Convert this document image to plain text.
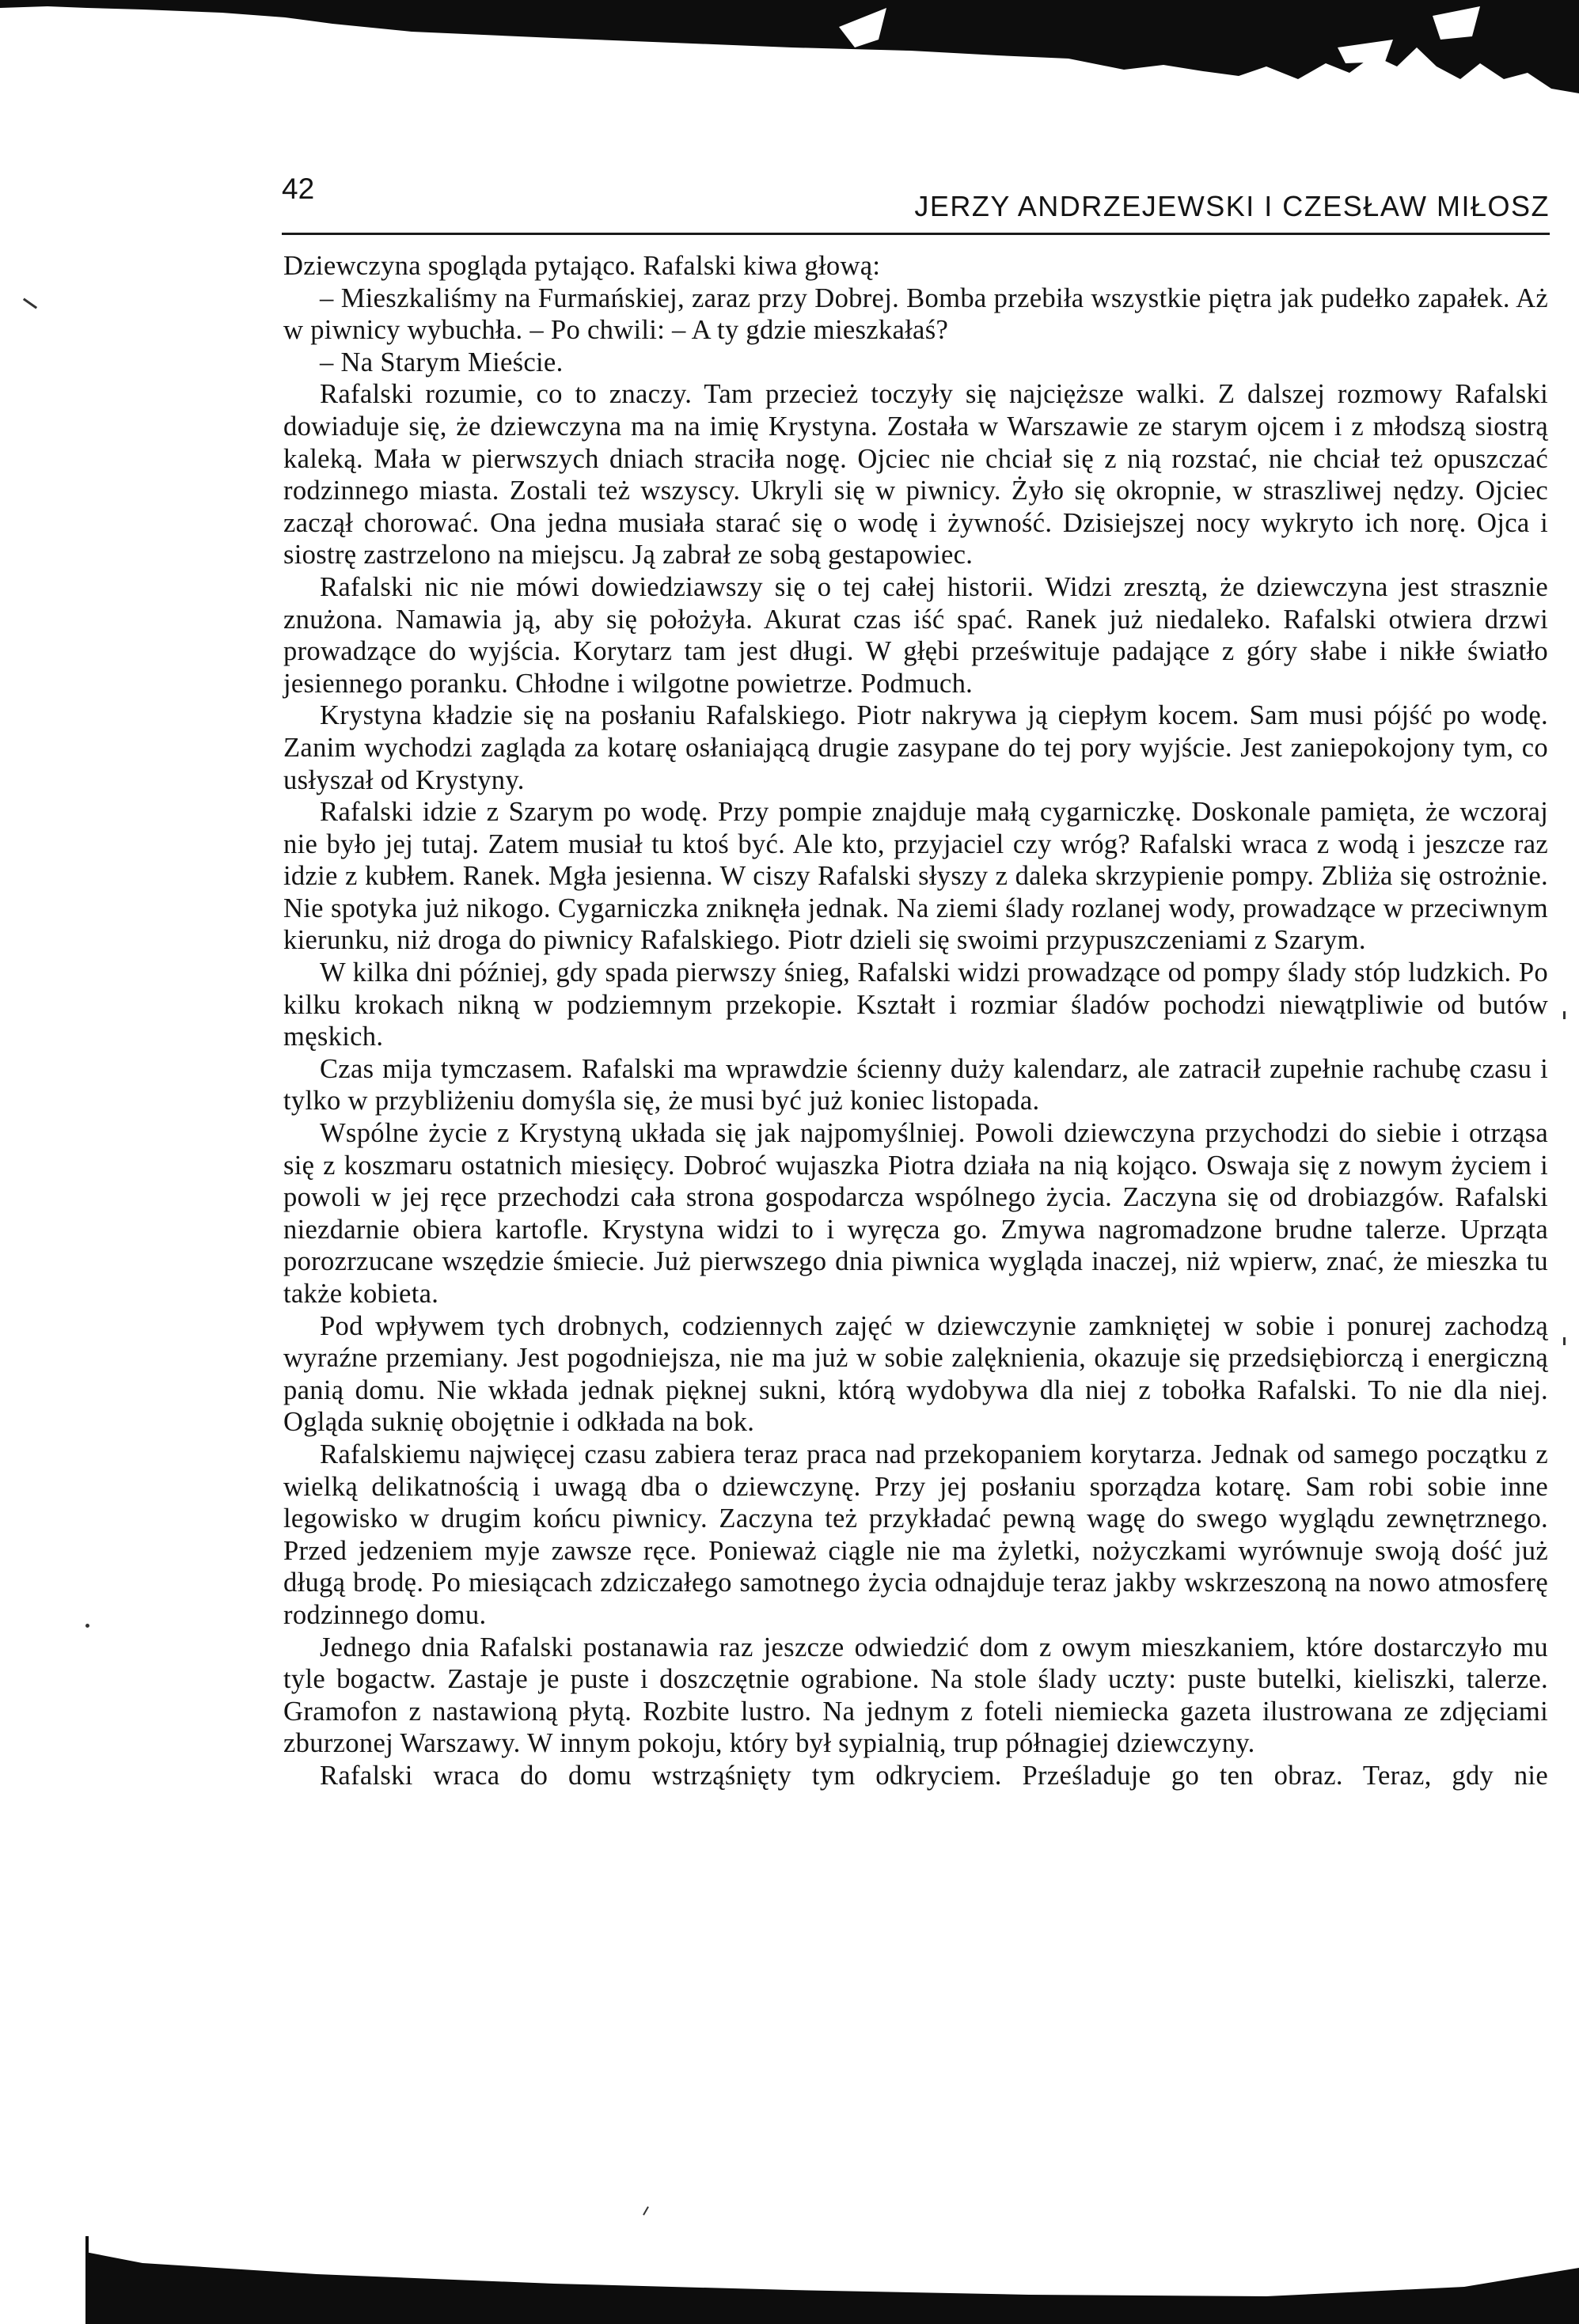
42
JERZY ANDRZEJEWSKI I CZESŁAW MIŁOSZ

Dziewczyna spogląda pytająco. Rafalski kiwa głową:

– Mieszkaliśmy na Furmańskiej, zaraz przy Dobrej. Bomba przebiła wszystkie piętra jak pudełko zapałek. Aż w piwnicy wybuchła. – Po chwili: – A ty gdzie mieszkałaś?

– Na Starym Mieście.

Rafalski rozumie, co to znaczy. Tam przecież toczyły się najcięższe walki. Z dalszej rozmowy Rafalski dowiaduje się, że dziewczyna ma na imię Krystyna. Została w Warszawie ze starym ojcem i z młodszą siostrą kaleką. Mała w pierwszych dniach straciła nogę. Ojciec nie chciał się z nią rozstać, nie chciał też opuszczać rodzinnego miasta. Zostali też wszyscy. Ukryli się w piwnicy. Żyło się okropnie, w straszliwej nędzy. Ojciec zaczął chorować. Ona jedna musiała starać się o wodę i żywność. Dzisiejszej nocy wykryto ich norę. Ojca i siostrę zastrzelono na miejscu. Ją zabrał ze sobą gestapowiec.

Rafalski nic nie mówi dowiedziawszy się o tej całej historii. Widzi zresztą, że dziewczyna jest strasznie znużona. Namawia ją, aby się położyła. Akurat czas iść spać. Ranek już niedaleko. Rafalski otwiera drzwi prowadzące do wyjścia. Korytarz tam jest długi. W głębi prześwituje padające z góry słabe i nikłe światło jesiennego poranku. Chłodne i wilgotne powietrze. Podmuch.

Krystyna kładzie się na posłaniu Rafalskiego. Piotr nakrywa ją ciepłym kocem. Sam musi pójść po wodę. Zanim wychodzi zagląda za kotarę osłaniającą drugie zasypane do tej pory wyjście. Jest zaniepokojony tym, co usłyszał od Krystyny.

Rafalski idzie z Szarym po wodę. Przy pompie znajduje małą cygarniczkę. Doskonale pamięta, że wczoraj nie było jej tutaj. Zatem musiał tu ktoś być. Ale kto, przyjaciel czy wróg? Rafalski wraca z wodą i jeszcze raz idzie z kubłem. Ranek. Mgła jesienna. W ciszy Rafalski słyszy z daleka skrzypienie pompy. Zbliża się ostrożnie. Nie spotyka już nikogo. Cygarniczka zniknęła jednak. Na ziemi ślady rozlanej wody, prowadzące w przeciwnym kierunku, niż droga do piwnicy Rafalskiego. Piotr dzieli się swoimi przypuszczeniami z Szarym.

W kilka dni później, gdy spada pierwszy śnieg, Rafalski widzi prowadzące od pompy ślady stóp ludzkich. Po kilku krokach nikną w podziemnym przekopie. Kształt i rozmiar śladów pochodzi niewątpliwie od butów męskich.

Czas mija tymczasem. Rafalski ma wprawdzie ścienny duży kalendarz, ale zatracił zupełnie rachubę czasu i tylko w przybliżeniu domyśla się, że musi być już koniec listopada.

Wspólne życie z Krystyną układa się jak najpomyślniej. Powoli dziewczyna przychodzi do siebie i otrząsa się z koszmaru ostatnich miesięcy. Dobroć wujaszka Piotra działa na nią kojąco. Oswaja się z nowym życiem i powoli w jej ręce przechodzi cała strona gospodarcza wspólnego życia. Zaczyna się od drobiazgów. Rafalski niezdarnie obiera kartofle. Krystyna widzi to i wyręcza go. Zmywa nagromadzone brudne talerze. Uprząta porozrzucane wszędzie śmiecie. Już pierwszego dnia piwnica wygląda inaczej, niż wpierw, znać, że mieszka tu także kobieta.

Pod wpływem tych drobnych, codziennych zajęć w dziewczynie zamkniętej w sobie i ponurej zachodzą wyraźne przemiany. Jest pogodniejsza, nie ma już w sobie zalęknienia, okazuje się przedsiębiorczą i energiczną panią domu. Nie wkłada jednak pięknej sukni, którą wydobywa dla niej z tobołka Rafalski. To nie dla niej. Ogląda suknię obojętnie i odkłada na bok.

Rafalskiemu najwięcej czasu zabiera teraz praca nad przekopaniem korytarza. Jednak od samego początku z wielką delikatnością i uwagą dba o dziewczynę. Przy jej posłaniu sporządza kotarę. Sam robi sobie inne legowisko w drugim końcu piwnicy. Zaczyna też przykładać pewną wagę do swego wyglądu zewnętrznego. Przed jedzeniem myje zawsze ręce. Ponieważ ciągle nie ma żyletki, nożyczkami wyrównuje swoją dość już długą brodę. Po miesiącach zdziczałego samotnego życia odnajduje teraz jakby wskrzeszoną na nowo atmosferę rodzinnego domu.

Jednego dnia Rafalski postanawia raz jeszcze odwiedzić dom z owym mieszkaniem, które dostarczyło mu tyle bogactw. Zastaje je puste i doszczętnie ograbione. Na stole ślady uczty: puste butelki, kieliszki, talerze. Gramofon z nastawioną płytą. Rozbite lustro. Na jednym z foteli niemiecka gazeta ilustrowana ze zdjęciami zburzonej Warszawy. W innym pokoju, który był sypialnią, trup półnagiej dziewczyny.

Rafalski wraca do domu wstrząśnięty tym odkryciem. Prześladuje go ten obraz. Teraz, gdy nie
